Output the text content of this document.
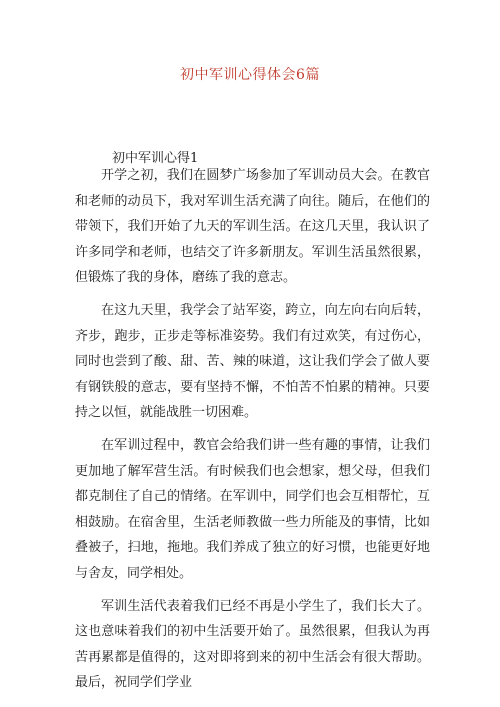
初中军训心得体会6篇
初中军训心得1

开学之初，我们在圆梦广场参加了军训动员大会。在教官和老师的动员下，我对军训生活充满了向往。随后，在他们的带领下，我们开始了九天的军训生活。在这几天里，我认识了许多同学和老师，也结交了许多新朋友。军训生活虽然很累，但锻炼了我的身体，磨练了我的意志。

在这九天里，我学会了站军姿，跨立，向左向右向后转，齐步，跑步，正步走等标准姿势。我们有过欢笑，有过伤心，同时也尝到了酸、甜、苦、辣的味道，这让我们学会了做人要有钢铁般的意志，要有坚持不懈，不怕苦不怕累的精神。只要持之以恒，就能战胜一切困难。

在军训过程中，教官会给我们讲一些有趣的事情，让我们更加地了解军营生活。有时候我们也会想家，想父母，但我们都克制住了自己的情绪。在军训中，同学们也会互相帮忙，互相鼓励。在宿舍里，生活老师教做一些力所能及的事情，比如叠被子，扫地，拖地。我们养成了独立的好习惯，也能更好地与舍友，同学相处。

军训生活代表着我们已经不再是小学生了，我们长大了。这也意味着我们的初中生活要开始了。虽然很累，但我认为再苦再累都是值得的，这对即将到来的初中生活会有很大帮助。最后，祝同学们学业
